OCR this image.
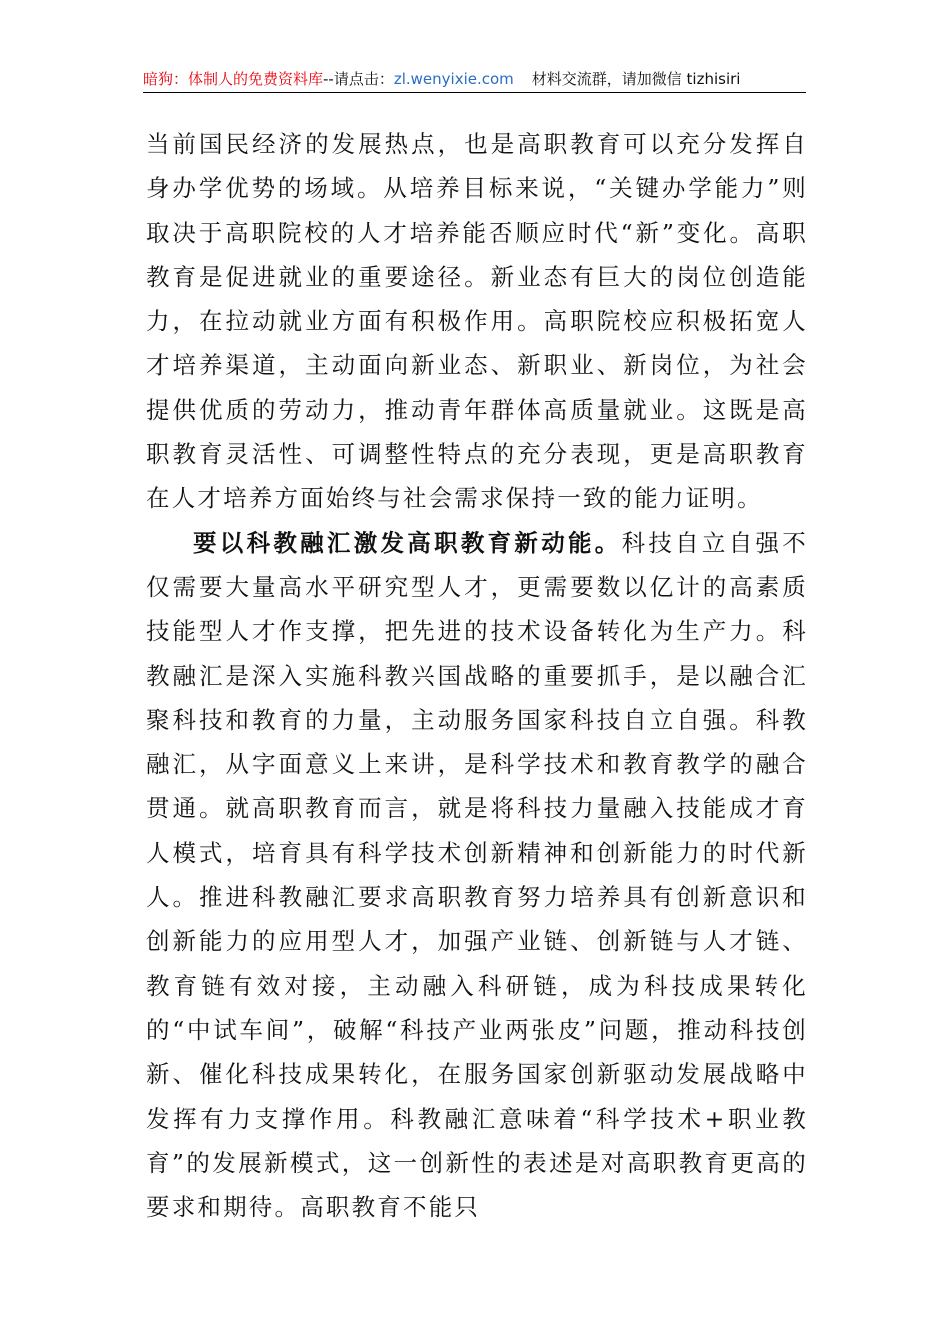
暗狗：体制人的免费资料库--请点击：zl.wenyixie.com 材料交流群，请加微信 tizhisiri

当前国民经济的发展热点，也是高职教育可以充分发挥自身办学优势的场域。从培养目标来说，“关键办学能力”则取决于高职院校的人才培养能否顺应时代“新”变化。高职教育是促进就业的重要途径。新业态有巨大的岗位创造能力，在拉动就业方面有积极作用。高职院校应积极拓宽人才培养渠道，主动面向新业态、新职业、新岗位，为社会提供优质的劳动力，推动青年群体高质量就业。这既是高职教育灵活性、可调整性特点的充分表现，更是高职教育在人才培养方面始终与社会需求保持一致的能力证明。

要以科教融汇激发高职教育新动能。科技自立自强不仅需要大量高水平研究型人才，更需要数以亿计的高素质技能型人才作支撑，把先进的技术设备转化为生产力。科教融汇是深入实施科教兴国战略的重要抓手，是以融合汇聚科技和教育的力量，主动服务国家科技自立自强。科教融汇，从字面意义上来讲，是科学技术和教育教学的融合贯通。就高职教育而言，就是将科技力量融入技能成才育人模式，培育具有科学技术创新精神和创新能力的时代新人。推进科教融汇要求高职教育努力培养具有创新意识和创新能力的应用型人才，加强产业链、创新链与人才链、教育链有效对接，主动融入科研链，成为科技成果转化的“中试车间”，破解“科技产业两张皮”问题，推动科技创新、催化科技成果转化，在服务国家创新驱动发展战略中发挥有力支撑作用。科教融汇意味着“科学技术+职业教育”的发展新模式，这一创新性的表述是对高职教育更高的要求和期待。高职教育不能只
